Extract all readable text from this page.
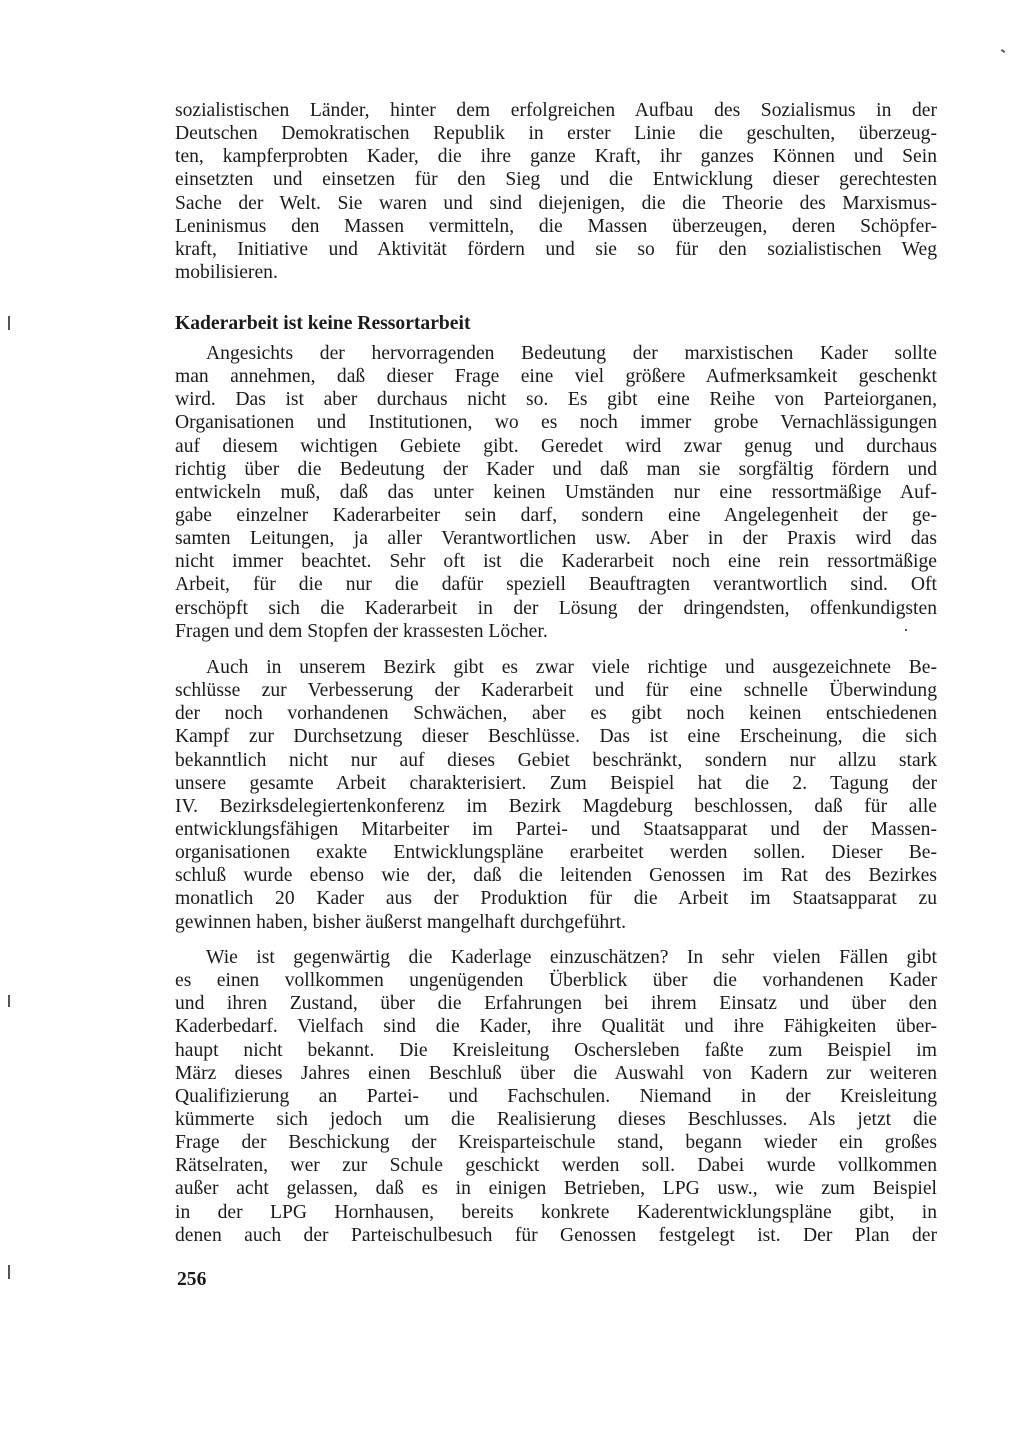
sozialistischen Länder, hinter dem erfolgreichen Aufbau des Sozialismus in der
Deutschen Demokratischen Republik in erster Linie die geschulten, überzeug-
ten, kampferprobten Kader, die ihre ganze Kraft, ihr ganzes Können und Sein
einsetzten und einsetzen für den Sieg und die Entwicklung dieser gerechtesten
Sache der Welt. Sie waren und sind diejenigen, die die Theorie des Marxismus-
Leninismus den Massen vermitteln, die Massen überzeugen, deren Schöpfer-
kraft, Initiative und Aktivität fördern und sie so für den sozialistischen Weg
mobilisieren.
Kaderarbeit ist keine Ressortarbeit
Angesichts der hervorragenden Bedeutung der marxistischen Kader sollte
man annehmen, daß dieser Frage eine viel größere Aufmerksamkeit geschenkt
wird. Das ist aber durchaus nicht so. Es gibt eine Reihe von Parteiorganen,
Organisationen und Institutionen, wo es noch immer grobe Vernachlässigungen
auf diesem wichtigen Gebiete gibt. Geredet wird zwar genug und durchaus
richtig über die Bedeutung der Kader und daß man sie sorgfältig fördern und
entwickeln muß, daß das unter keinen Umständen nur eine ressortmäßige Auf-
gabe einzelner Kaderarbeiter sein darf, sondern eine Angelegenheit der ge-
samten Leitungen, ja aller Verantwortlichen usw. Aber in der Praxis wird das
nicht immer beachtet. Sehr oft ist die Kaderarbeit noch eine rein ressortmäßige
Arbeit, für die nur die dafür speziell Beauftragten verantwortlich sind. Oft
erschöpft sich die Kaderarbeit in der Lösung der dringendsten, offenkundigsten
Fragen und dem Stopfen der krassesten Löcher.
Auch in unserem Bezirk gibt es zwar viele richtige und ausgezeichnete Be-
schlüsse zur Verbesserung der Kaderarbeit und für eine schnelle Überwindung
der noch vorhandenen Schwächen, aber es gibt noch keinen entschiedenen
Kampf zur Durchsetzung dieser Beschlüsse. Das ist eine Erscheinung, die sich
bekanntlich nicht nur auf dieses Gebiet beschränkt, sondern nur allzu stark
unsere gesamte Arbeit charakterisiert. Zum Beispiel hat die 2. Tagung der
IV. Bezirksdelegiertenkonferenz im Bezirk Magdeburg beschlossen, daß für alle
entwicklungsfähigen Mitarbeiter im Partei- und Staatsapparat und der Massen-
organisationen exakte Entwicklungspläne erarbeitet werden sollen. Dieser Be-
schluß wurde ebenso wie der, daß die leitenden Genossen im Rat des Bezirkes
monatlich 20 Kader aus der Produktion für die Arbeit im Staatsapparat zu
gewinnen haben, bisher äußerst mangelhaft durchgeführt.
Wie ist gegenwärtig die Kaderlage einzuschätzen? In sehr vielen Fällen gibt
es einen vollkommen ungenügenden Überblick über die vorhandenen Kader
und ihren Zustand, über die Erfahrungen bei ihrem Einsatz und über den
Kaderbedarf. Vielfach sind die Kader, ihre Qualität und ihre Fähigkeiten über-
haupt nicht bekannt. Die Kreisleitung Oschersleben faßte zum Beispiel im
März dieses Jahres einen Beschluß über die Auswahl von Kadern zur weiteren
Qualifizierung an Partei- und Fachschulen. Niemand in der Kreisleitung
kümmerte sich jedoch um die Realisierung dieses Beschlusses. Als jetzt die
Frage der Beschickung der Kreisparteischule stand, begann wieder ein großes
Rätselraten, wer zur Schule geschickt werden soll. Dabei wurde vollkommen
außer acht gelassen, daß es in einigen Betrieben, LPG usw., wie zum Beispiel
in der LPG Hornhausen, bereits konkrete Kaderentwicklungspläne gibt, in
denen auch der Parteischulbesuch für Genossen festgelegt ist. Der Plan der
256
